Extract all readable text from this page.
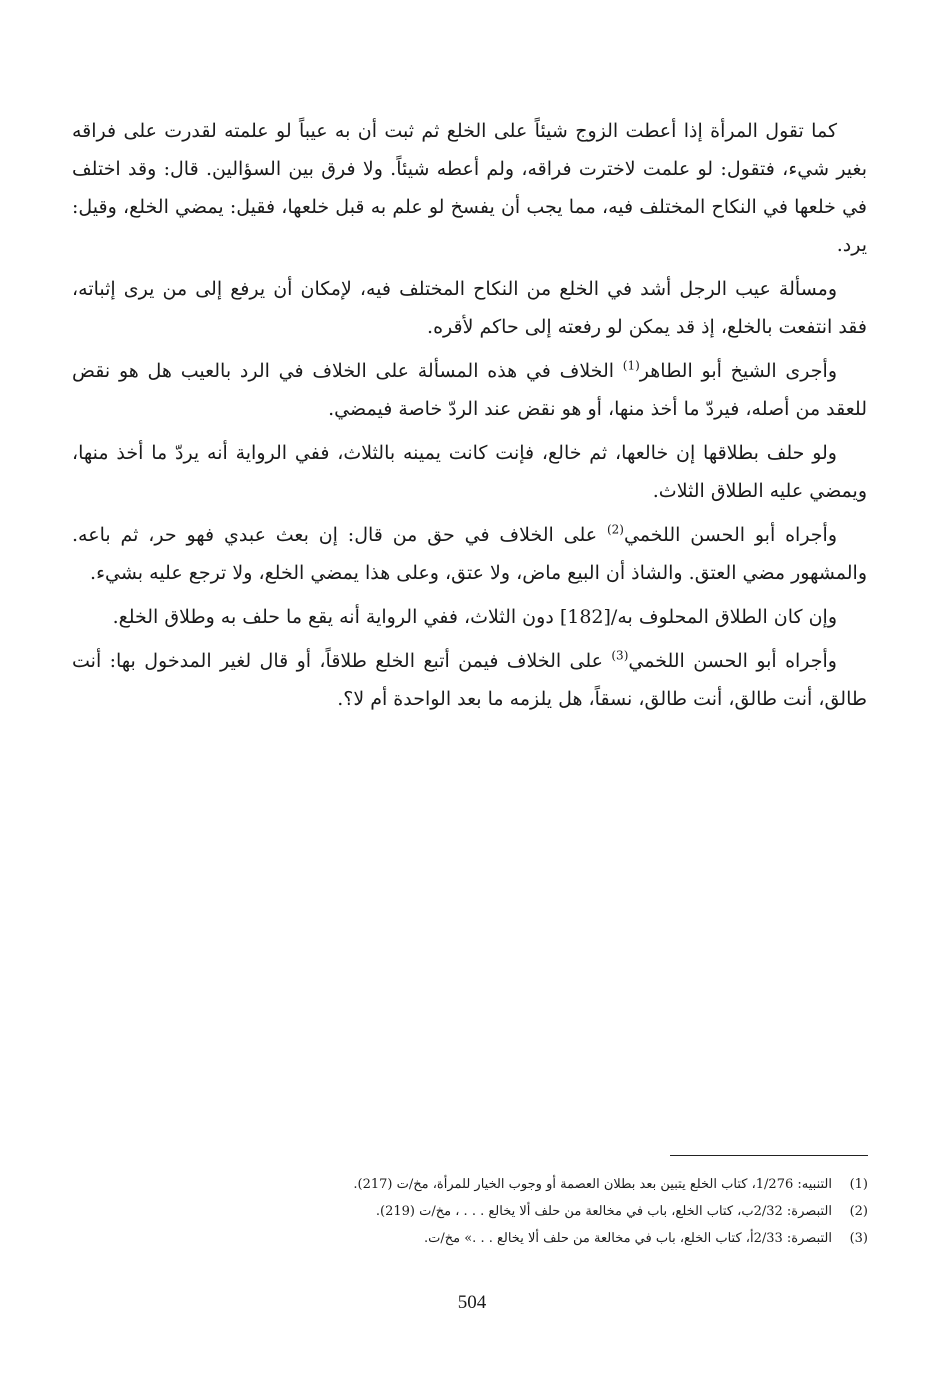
كما تقول المرأة إذا أعطت الزوج شيئاً على الخلع ثم ثبت أن به عيباً لو علمته لقدرت على فراقه بغير شيء، فتقول: لو علمت لاخترت فراقه، ولم أعطه شيئاً. ولا فرق بين السؤالين. قال: وقد اختلف في خلعها في النكاح المختلف فيه، مما يجب أن يفسخ لو علم به قبل خلعها، فقيل: يمضي الخلع، وقيل: يرد.

ومسألة عيب الرجل أشد في الخلع من النكاح المختلف فيه، لإمكان أن يرفع إلى من يرى إثباته، فقد انتفعت بالخلع، إذ قد يمكن لو رفعته إلى حاكم لأقره.

وأجرى الشيخ أبو الطاهر$^{(1)}$ الخلاف في هذه المسألة على الخلاف في الرد بالعيب هل هو نقض للعقد من أصله، فيردّ ما أخذ منها، أو هو نقض عند الردّ خاصة فيمضي.

ولو حلف بطلاقها إن خالعها، ثم خالع، فإنت كانت يمينه بالثلاث، ففي الرواية أنه يردّ ما أخذ منها، ويمضي عليه الطلاق الثلاث.

وأجراه أبو الحسن اللخمي$^{(2)}$ على الخلاف في حق من قال: إن بعث عبدي فهو حر، ثم باعه. والمشهور مضي العتق. والشاذ أن البيع ماض، ولا عتق، وعلى هذا يمضي الخلع، ولا ترجع عليه بشيء.

وإن كان الطلاق المحلوف به/[182] دون الثلاث، ففي الرواية أنه يقع ما حلف به وطلاق الخلع.

وأجراه أبو الحسن اللخمي$^{(3)}$ على الخلاف فيمن أتبع الخلع طلاقاً، أو قال لغير المدخول بها: أنت طالق، أنت طالق، أنت طالق، نسقاً، هل يلزمه ما بعد الواحدة أم لا؟.

(1)
التنبيه: 1/276، كتاب الخلع يتبين بعد بطلان العصمة أو وجوب الخيار للمرأة، مخ/ت (217).
(2)
التبصرة: 2/32ب، كتاب الخلع، باب في مخالعة من حلف ألا يخالع . . . ، مخ/ت (219).
(3)
التبصرة: 2/33أ، كتاب الخلع، باب في مخالعة من حلف ألا يخالع . . .» مخ/ت.
504
